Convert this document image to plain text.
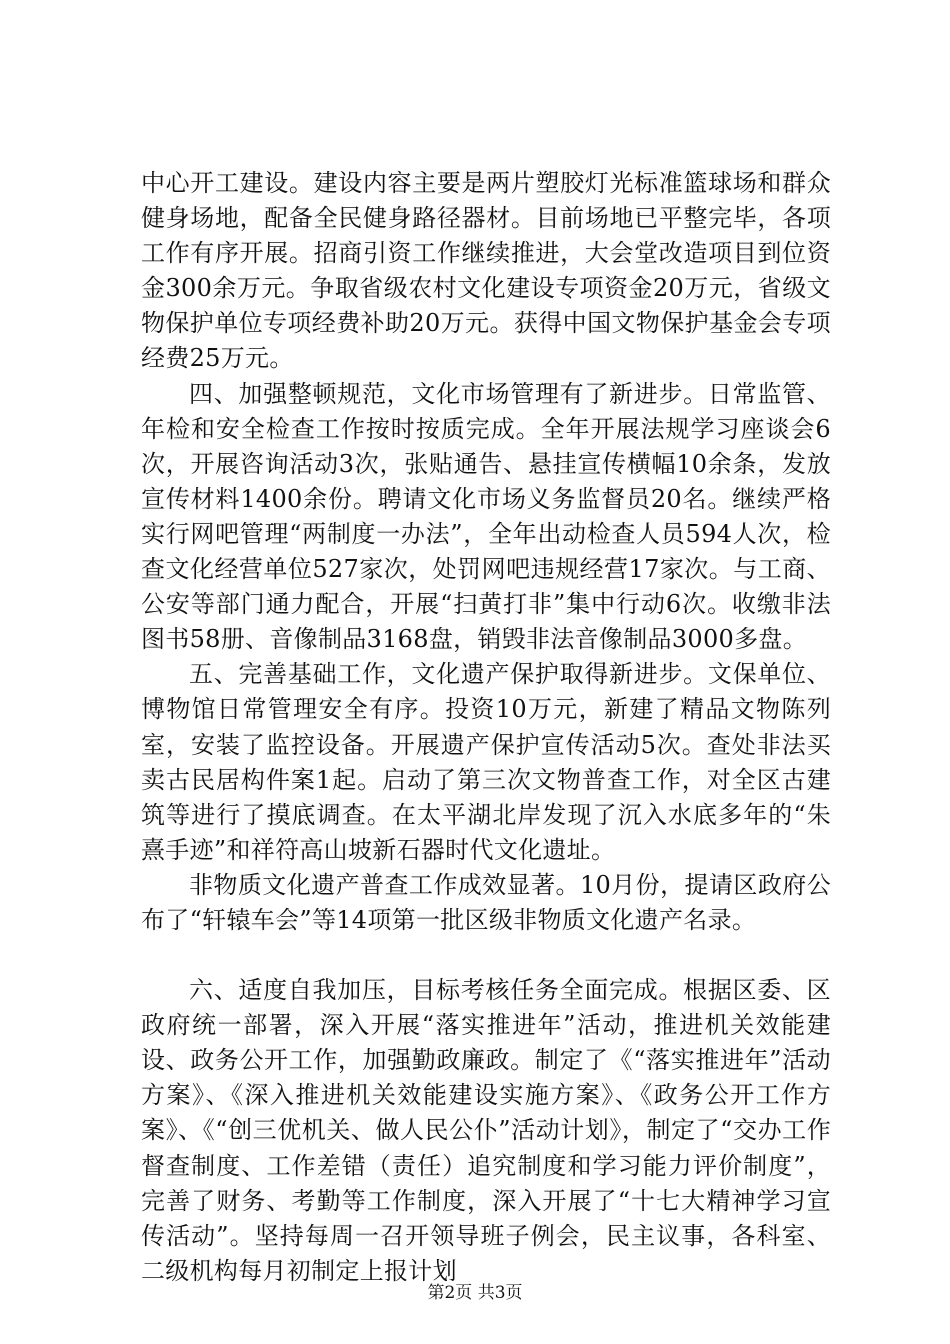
中心开工建设。建设内容主要是两片塑胶灯光标准篮球场和群众健身场地，配备全民健身路径器材。目前场地已平整完毕，各项工作有序开展。招商引资工作继续推进，大会堂改造项目到位资金300余万元。争取省级农村文化建设专项资金20万元，省级文物保护单位专项经费补助20万元。获得中国文物保护基金会专项经费25万元。

四、加强整顿规范，文化市场管理有了新进步。日常监管、年检和安全检查工作按时按质完成。全年开展法规学习座谈会6次，开展咨询活动3次，张贴通告、悬挂宣传横幅10余条，发放宣传材料1400余份。聘请文化市场义务监督员20名。继续严格实行网吧管理“两制度一办法”，全年出动检查人员594人次，检查文化经营单位527家次，处罚网吧违规经营17家次。与工商、公安等部门通力配合，开展“扫黄打非”集中行动6次。收缴非法图书58册、音像制品3168盘，销毁非法音像制品3000多盘。

五、完善基础工作，文化遗产保护取得新进步。文保单位、博物馆日常管理安全有序。投资10万元，新建了精品文物陈列室，安装了监控设备。开展遗产保护宣传活动5次。查处非法买卖古民居构件案1起。启动了第三次文物普查工作，对全区古建筑等进行了摸底调查。在太平湖北岸发现了沉入水底多年的“朱熹手迹”和祥符高山坡新石器时代文化遗址。

非物质文化遗产普查工作成效显著。10月份，提请区政府公布了“轩辕车会”等14项第一批区级非物质文化遗产名录。

六、适度自我加压，目标考核任务全面完成。根据区委、区政府统一部署，深入开展“落实推进年”活动，推进机关效能建设、政务公开工作，加强勤政廉政。制定了《“落实推进年”活动方案》、《深入推进机关效能建设实施方案》、《政务公开工作方案》、《“创三优机关、做人民公仆”活动计划》，制定了“交办工作督查制度、工作差错（责任）追究制度和学习能力评价制度”，完善了财务、考勤等工作制度，深入开展了“十七大精神学习宣传活动”。坚持每周一召开领导班子例会，民主议事，各科室、二级机构每月初制定上报计划

第2页 共3页
